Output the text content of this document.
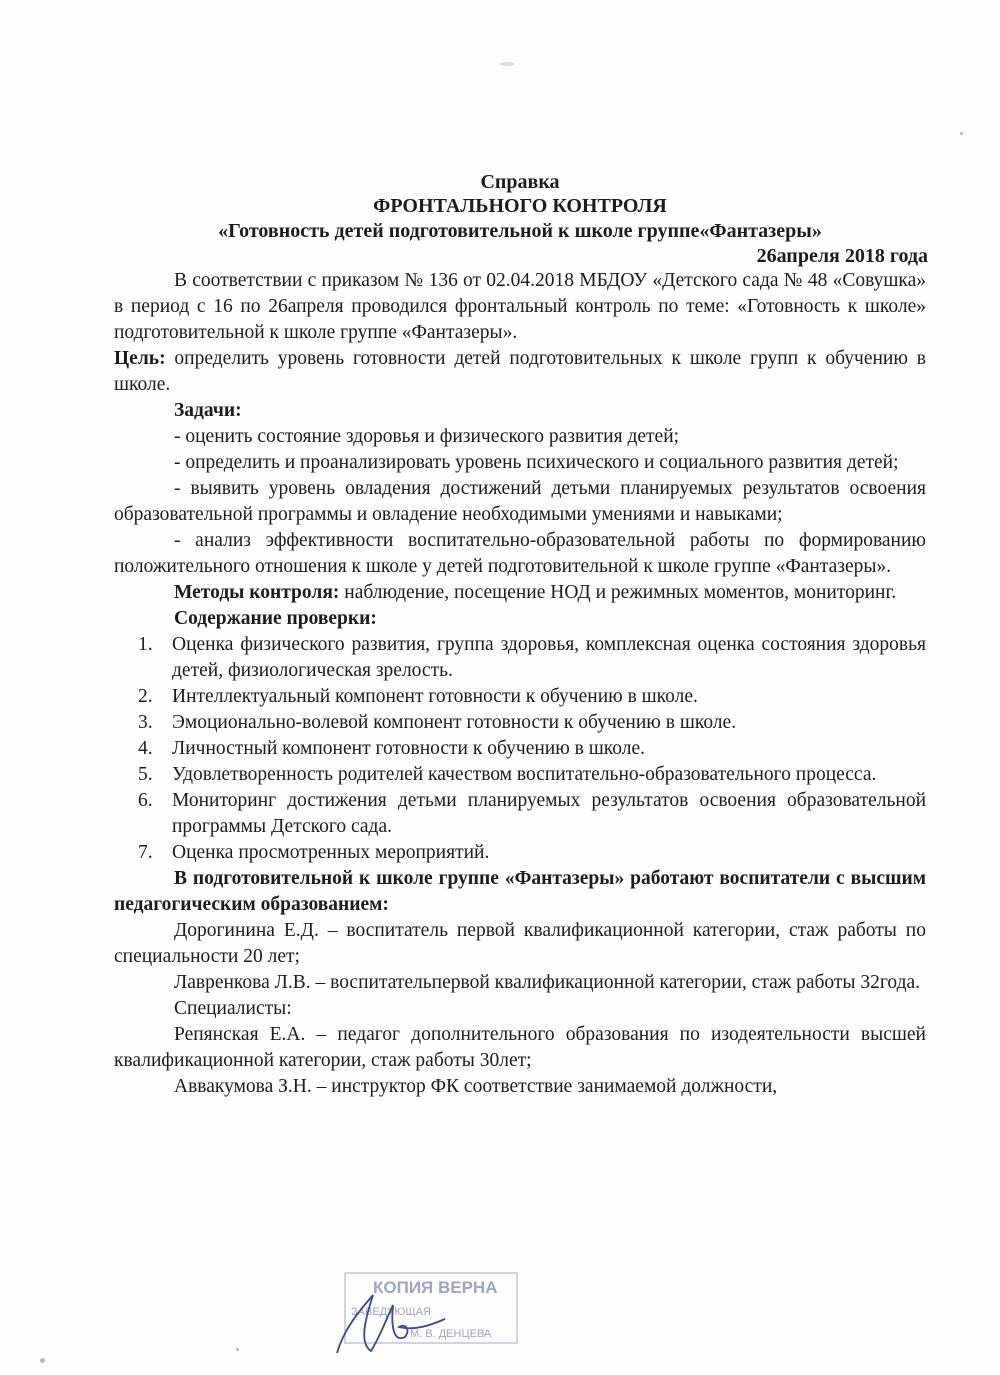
Справка

ФРОНТАЛЬНОГО КОНТРОЛЯ

«Готовность детей подготовительной к школе группе«Фантазеры»

26апреля 2018 года

В соответствии с приказом № 136 от 02.04.2018 МБДОУ «Детского сада № 48 «Совушка» в период с 16 по 26апреля проводился фронтальный контроль по теме: «Готовность к школе» подготовительной к школе группе «Фантазеры».

Цель: определить уровень готовности детей подготовительных к школе групп к обучению в школе.

Задачи:

- оценить состояние здоровья и физического развития детей;

- определить и проанализировать уровень психического и социального развития детей;

- выявить уровень овладения достижений детьми планируемых результатов освоения образовательной программы и овладение необходимыми умениями и навыками;

- анализ эффективности воспитательно-образовательной работы по формированию положительного отношения к школе у детей подготовительной к школе группе «Фантазеры».

Методы контроля: наблюдение, посещение НОД и режимных моментов, мониторинг.

Содержание проверки:

1. Оценка физического развития, группа здоровья, комплексная оценка состояния здоровья детей, физиологическая зрелость.
2. Интеллектуальный компонент готовности к обучению в школе.
3. Эмоционально-волевой компонент готовности к обучению в школе.
4. Личностный компонент готовности к обучению в школе.
5. Удовлетворенность родителей качеством воспитательно-образовательного процесса.
6. Мониторинг достижения детьми планируемых результатов освоения образовательной программы Детского сада.
7. Оценка просмотренных мероприятий.

В подготовительной к школе группе «Фантазеры» работают воспитатели с высшим педагогическим образованием:

Дорогинина Е.Д. – воспитатель первой квалификационной категории, стаж работы по специальности 20 лет;

Лавренкова Л.В. – воспитательпервой квалификационной категории, стаж работы 32года.

Специалисты:

Репянская Е.А. – педагог дополнительного образования по изодеятельности высшей квалификационной категории, стаж работы 30лет;

Аввакумова З.Н. – инструктор ФК соответствие занимаемой должности,

КОПИЯ ВЕРНА
ЗАВЕДУЮЩАЯ
М. В. ДЕНЦЕВА
